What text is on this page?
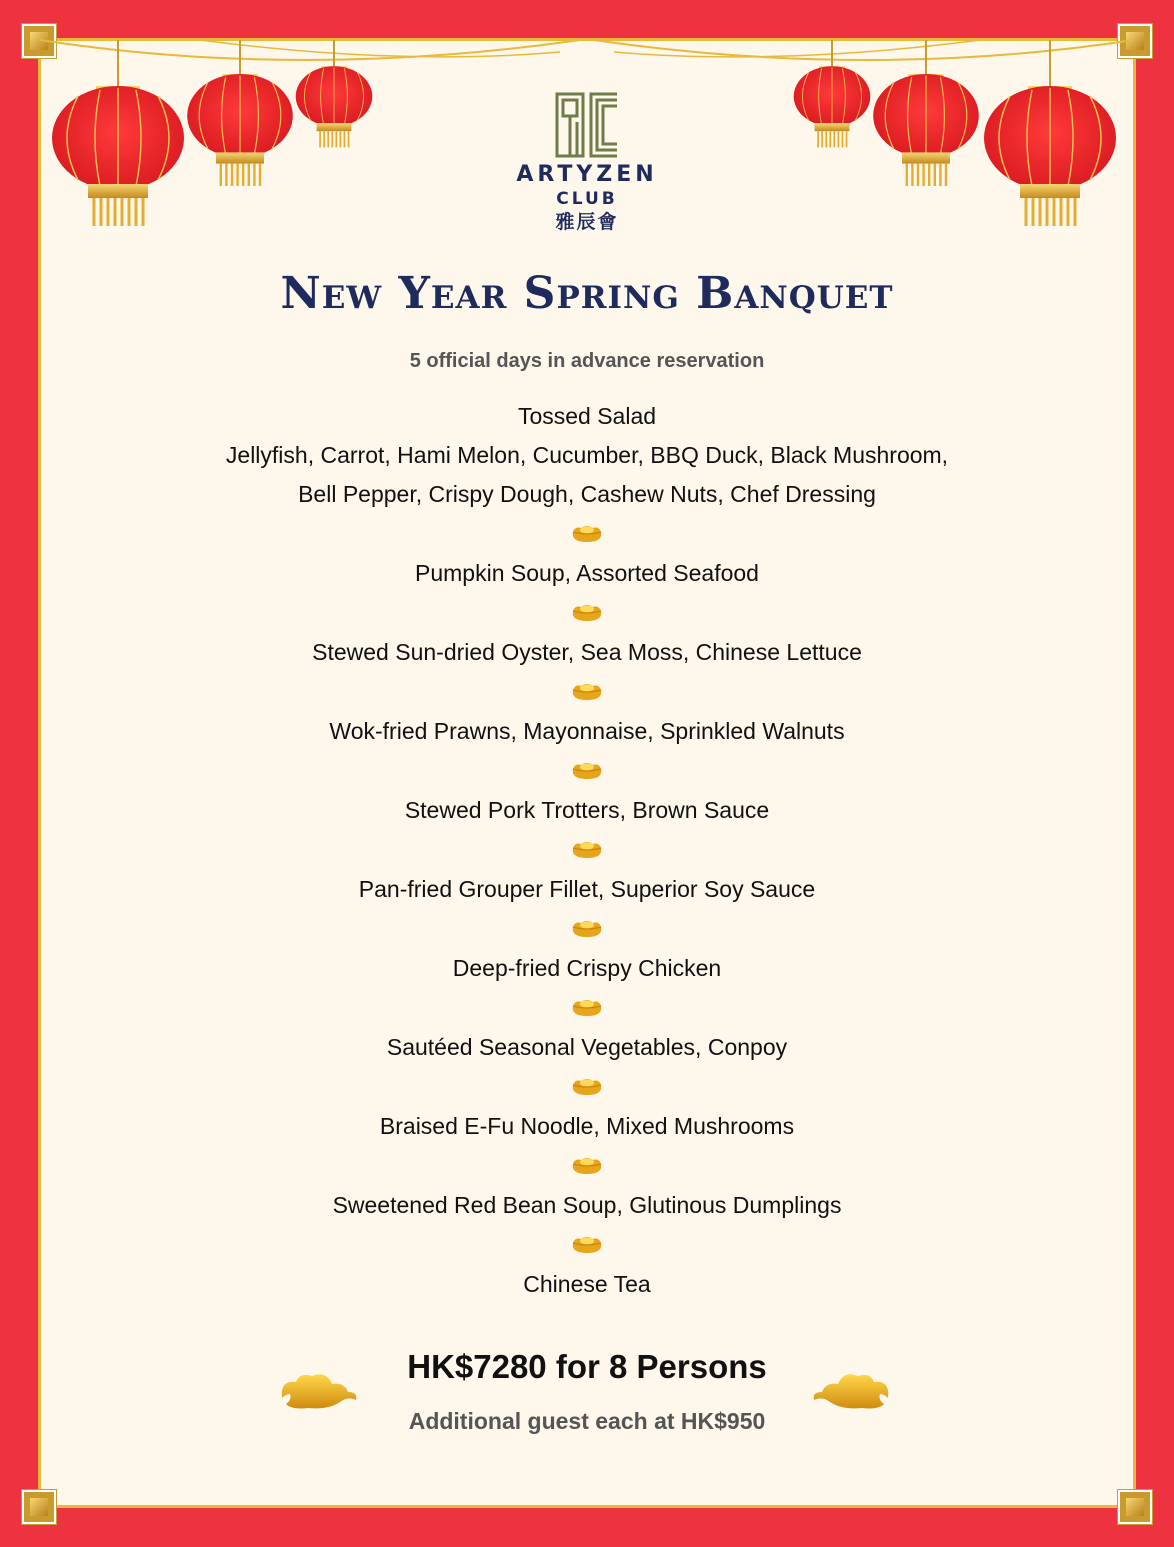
ARTYZEN
CLUB
雅辰會
New Year Spring Banquet
5 official days in advance reservation
Tossed Salad
Jellyfish, Carrot, Hami Melon, Cucumber, BBQ Duck, Black Mushroom,
Bell Pepper, Crispy Dough, Cashew Nuts, Chef Dressing
Pumpkin Soup, Assorted Seafood
Stewed Sun-dried Oyster, Sea Moss, Chinese Lettuce
Wok-fried Prawns, Mayonnaise, Sprinkled Walnuts
Stewed Pork Trotters, Brown Sauce
Pan-fried Grouper Fillet, Superior Soy Sauce
Deep-fried Crispy Chicken
Sautéed Seasonal Vegetables, Conpoy
Braised E-Fu Noodle, Mixed Mushrooms
Sweetened Red Bean Soup, Glutinous Dumplings
Chinese Tea
HK$7280 for 8 Persons
Additional guest each at HK$950
